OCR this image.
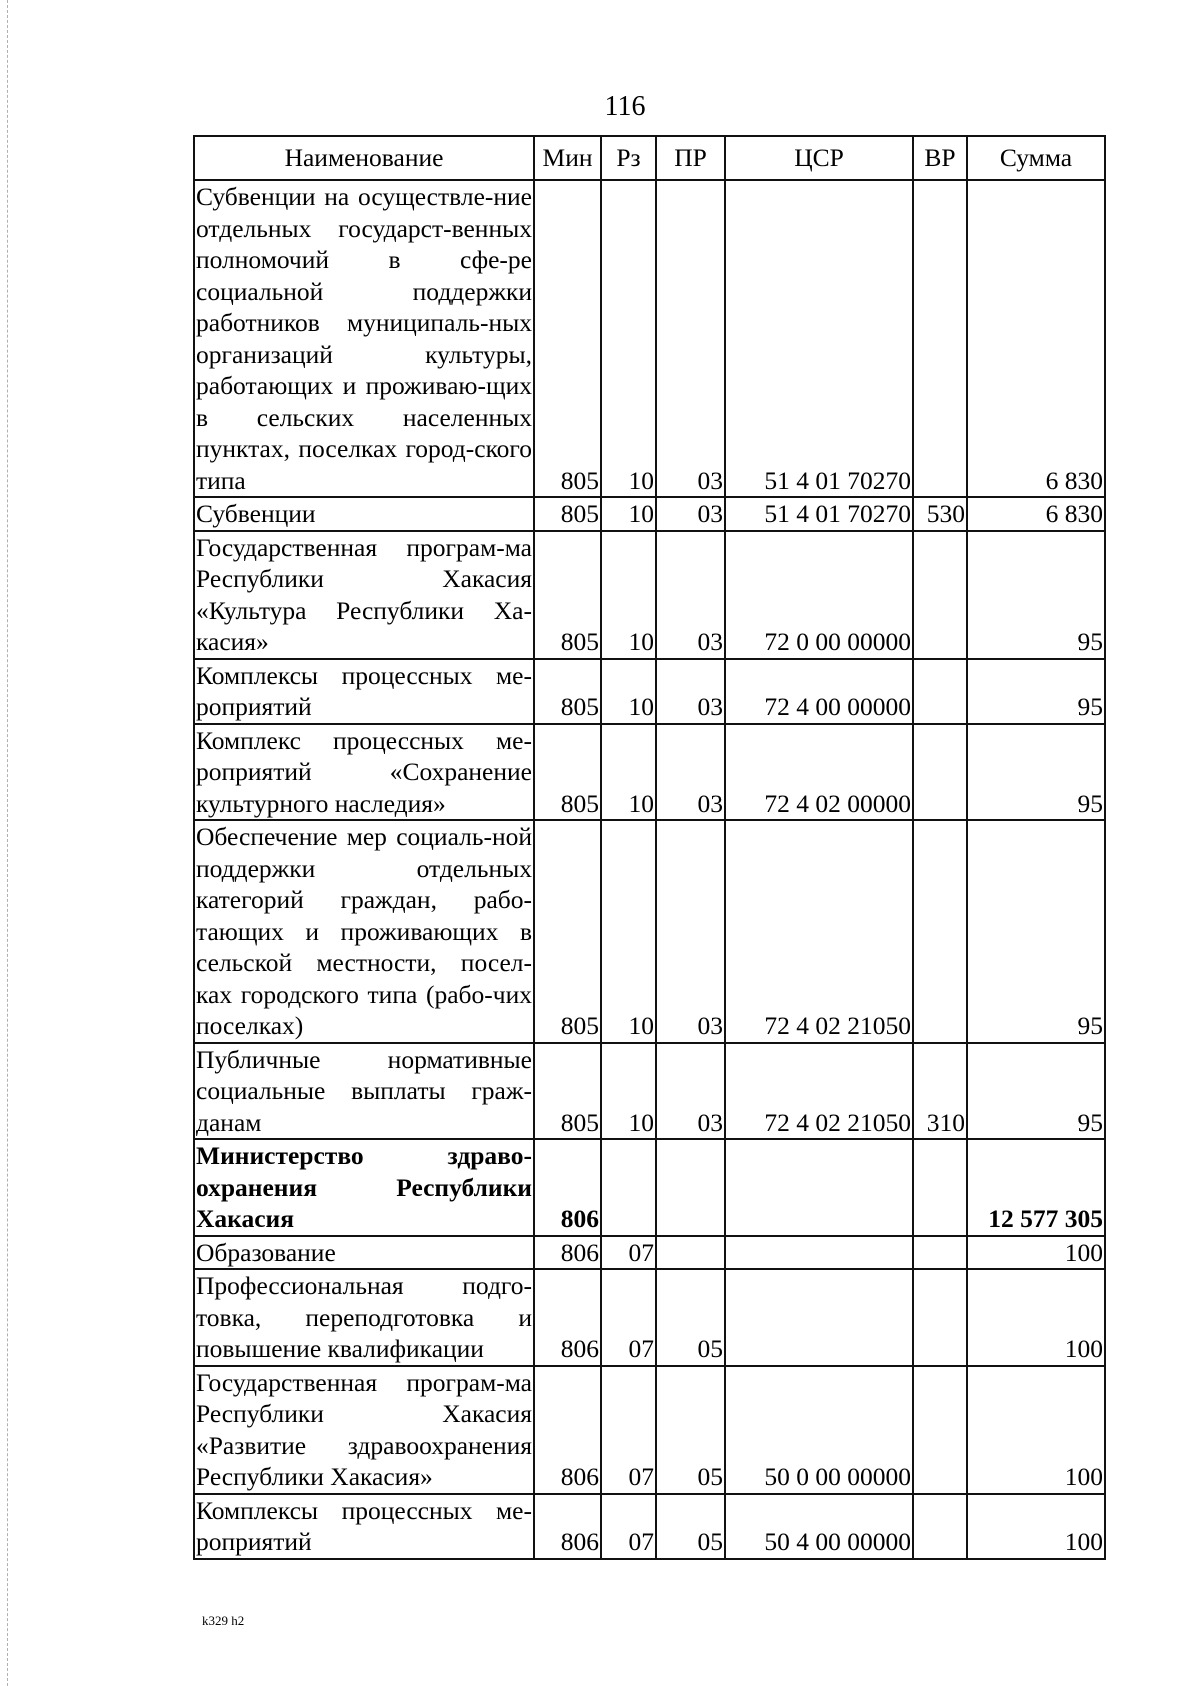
116
Наименование	Мин	Рз	ПР	ЦСР	ВР	Сумма
Субвенции на осуществле-ние отдельных государст-венных полномочий в сфе-ре социальной поддержки работников муниципаль-ных организаций культуры, работающих и проживаю-щих в сельских населенных пунктах, поселках город-ского типа	805	10	03	51 4 01 70270		6 830
Субвенции	805	10	03	51 4 01 70270	530	6 830
Государственная програм-ма Республики Хакасия «Культура Республики Ха-касия»	805	10	03	72 0 00 00000		95
Комплексы процессных ме-роприятий	805	10	03	72 4 00 00000		95
Комплекс процессных ме-роприятий «Сохранение культурного наследия»	805	10	03	72 4 02 00000		95
Обеспечение мер социаль-ной поддержки отдельных категорий граждан, рабо-тающих и проживающих в сельской местности, посел-ках городского типа (рабо-чих поселках)	805	10	03	72 4 02 21050		95
Публичные нормативные социальные выплаты граж-данам	805	10	03	72 4 02 21050	310	95
Министерство здраво-охранения Республики Хакасия	806					12 577 305
Образование	806	07				100
Профессиональная подго-товка, переподготовка и повышение квалификации	806	07	05			100
Государственная програм-ма Республики Хакасия «Развитие здравоохранения Республики Хакасия»	806	07	05	50 0 00 00000		100
Комплексы процессных ме-роприятий	806	07	05	50 4 00 00000		100
k329 h2
